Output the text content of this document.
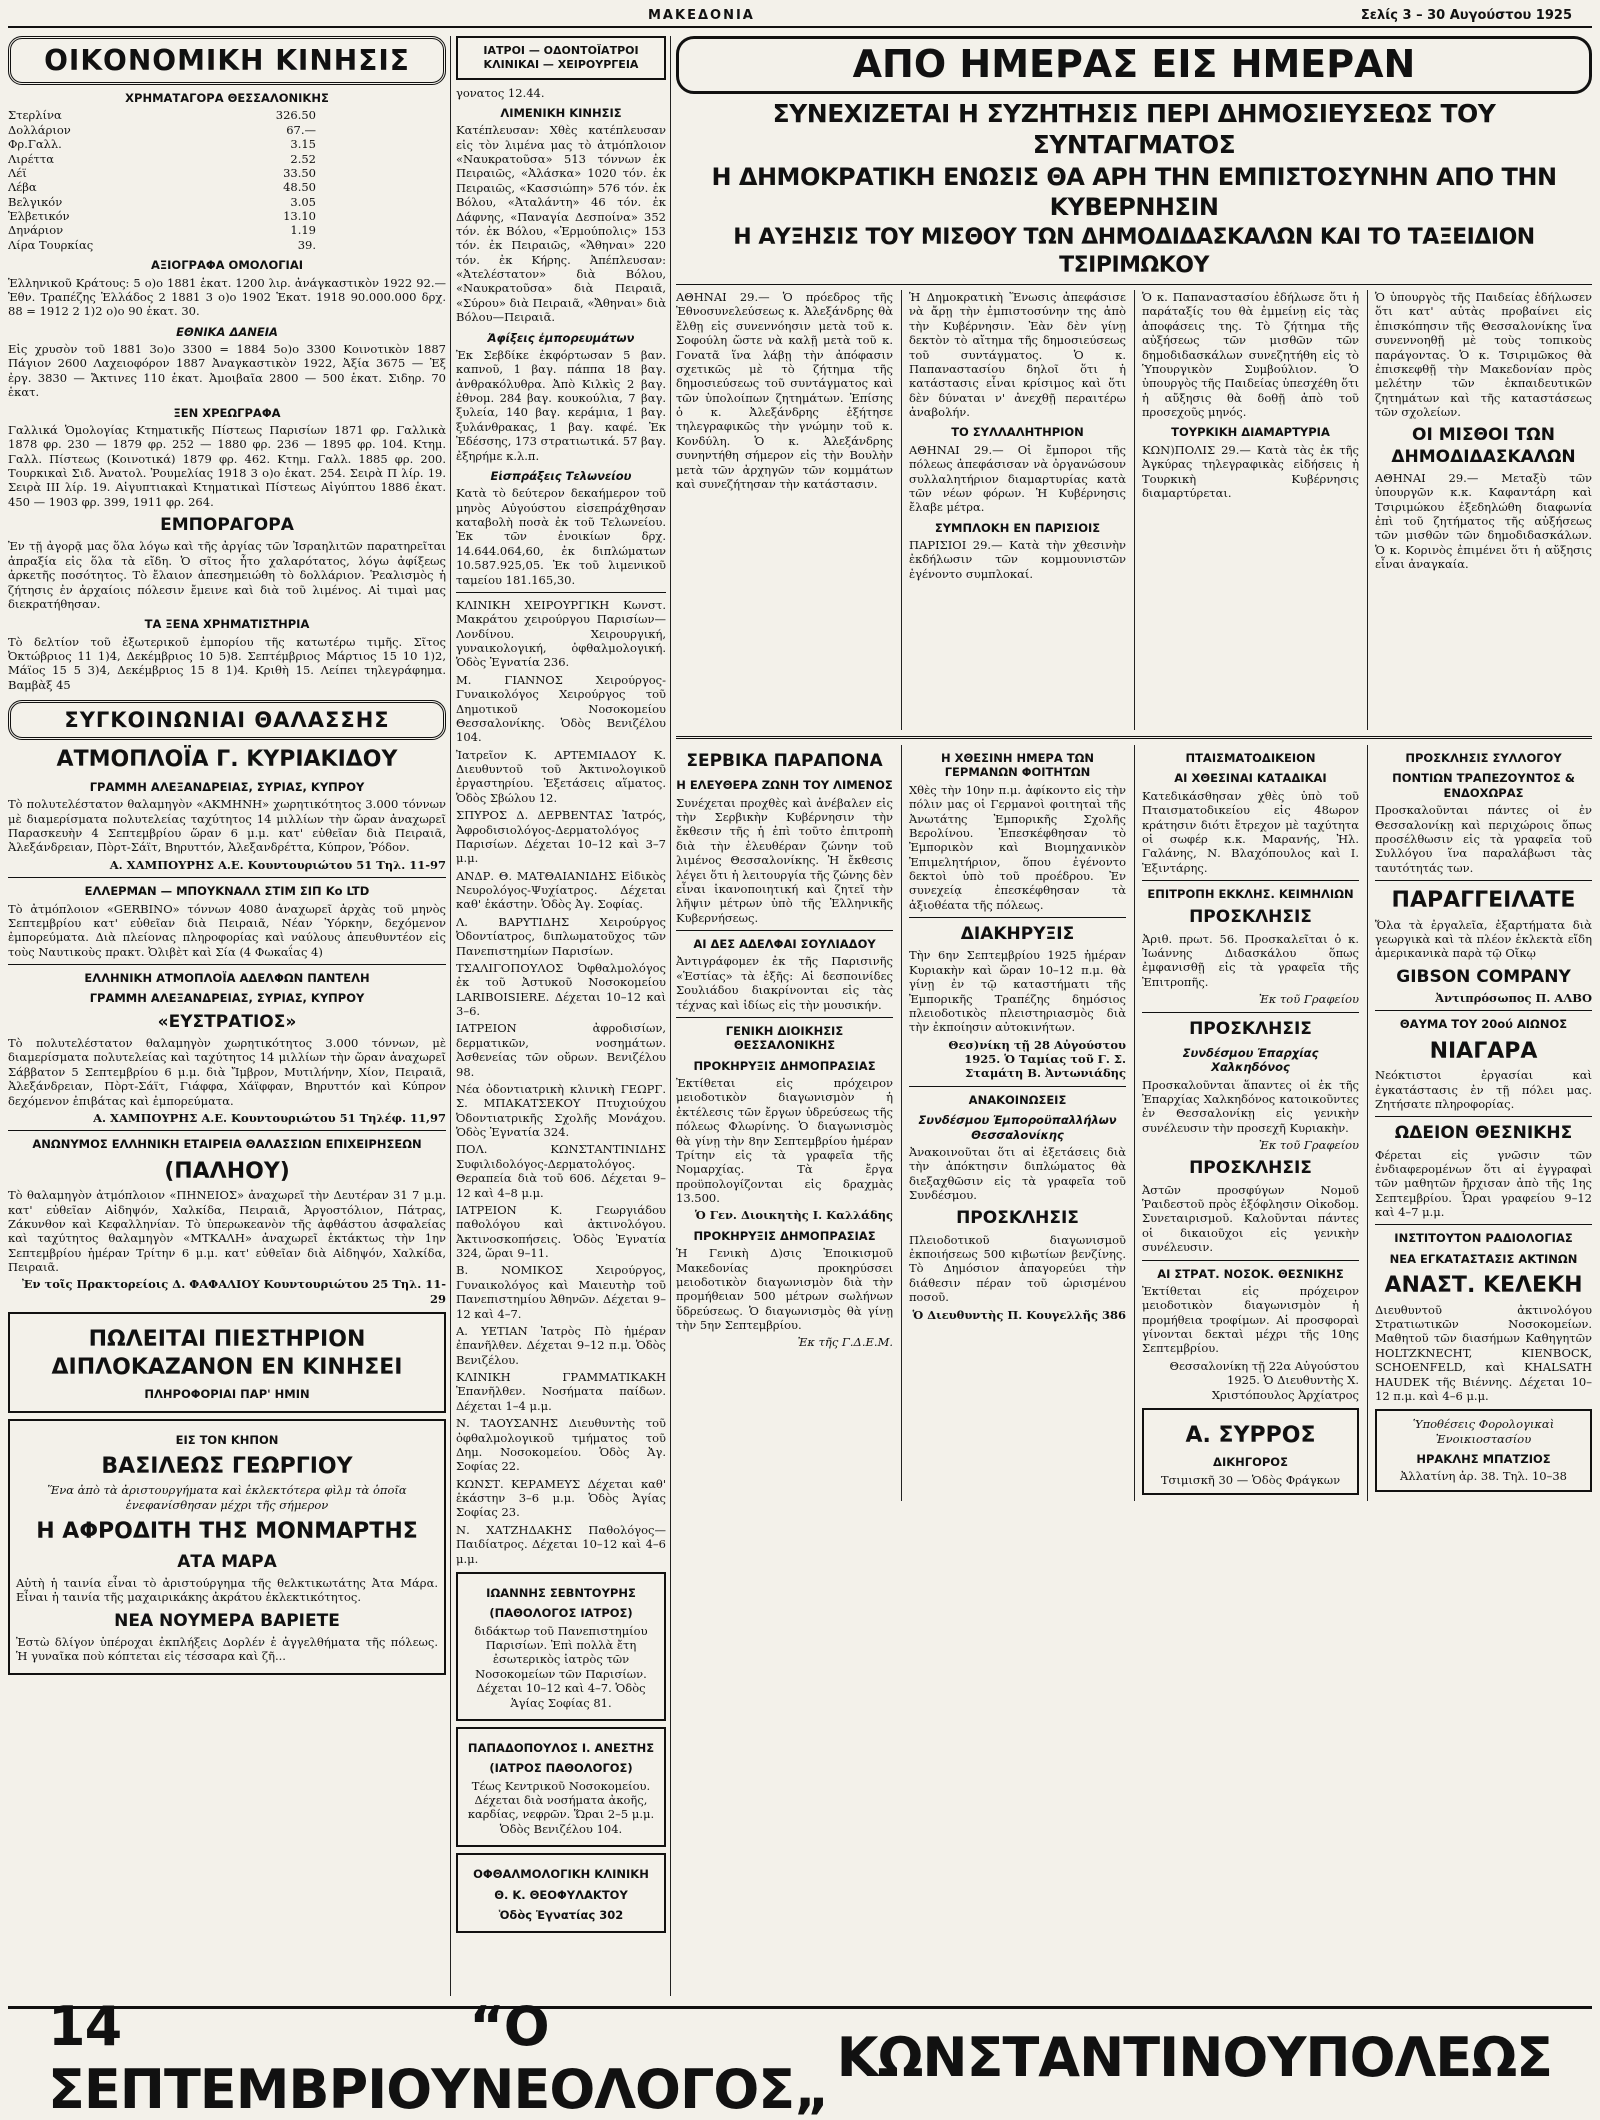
ΜΑΚΕΔΟΝΙΑ	Σελίς 3 – 30 Αυγούστου 1925
ΟΙΚΟΝΟΜΙΚΗ ΚΙΝΗΣΙΣ
ΧΡΗΜΑΤΑΓΟΡΑ ΘΕΣΣΑΛΟΝΙΚΗΣ
Στερλίνα	326.50
Δολλάριον	67.—
Φρ.Γαλλ.	3.15
Λιρέττα	2.52
Λέϊ	33.50
Λέβα	48.50
Βελγικόν	3.05
Ἑλβετικόν	13.10
Δηνάριον	1.19
Λίρα Τουρκίας	39.
ΑΞΙΟΓΡΑΦΑ ΟΜΟΛΟΓΙΑΙ

Ἑλληνικοῦ Κράτους: 5 ο)ο 1881 ἑκατ. 1200 λιρ. ἀνάγκαστικὸν 1922 92.— Ἑθν. Τραπέζης Ἑλλάδος 2 1881 3 ο)ο 1902 Ἑκατ. 1918 90.000.000 δρχ. 88 = 1912 2 1)2 ο)ο 90 ἑκατ. 30.

ΕΘΝΙΚΑ ΔΑΝΕΙΑ

Εἰς χρυσὸν τοῦ 1881 3ο)ο 3300 = 1884 5ο)ο 3300 Κοινοτικὸν 1887 Πάγιον 2600 Λαχειοφόρον 1887 Ἀναγκαστικὸν 1922, Ἀξία 3675 — Ἐξ ἐργ. 3830 — Ἄκτινες 110 ἑκατ. Ἀμοιβαῖα 2800 — 500 ἑκατ. Σιδηρ. 70 ἑκατ.

ΞΕΝ ΧΡΕΩΓΡΑΦΑ

Γαλλικά Ὁμολογίας Κτηματικῆς Πίστεως Παρισίων 1871 φρ. Γαλλικὰ 1878 φρ. 230 — 1879 φρ. 252 — 1880 φρ. 236 — 1895 φρ. 104. Κτημ. Γαλλ. Πίστεως (Κοινοτικά) 1879 φρ. 462. Κτημ. Γαλλ. 1885 φρ. 200. Τουρκικαὶ Σιδ. Ἀνατολ. Ῥουμελίας 1918 3 ο)ο ἑκατ. 254. Σειρὰ Π λίρ. 19. Σειρὰ ΙΙΙ λίρ. 19. Αἰγυπτιακαὶ Κτηματικαὶ Πίστεως Αἰγύπτου 1886 ἑκατ. 450 — 1903 φρ. 399, 1911 φρ. 264.

ΕΜΠΟΡΑΓΟΡΑ

Ἐν τῇ ἀγορᾷ μας ὅλα λόγω καὶ τῆς ἀργίας τῶν Ἰσραηλιτῶν παρατηρεῖται ἀπραξία εἰς ὅλα τὰ εἴδη. Ὁ σῖτος ἦτο χαλαρότατος, λόγω ἀφίξεως ἀρκετῆς ποσότητος. Τὸ ἔλαιον ἀπεσημειώθη τὸ δολλάριον. Ῥεαλισμὸς ἡ ζήτησις ἐν ἀρχαίοις πόλεσιν ἔμεινε καὶ διὰ τοῦ λιμένος. Αἰ τιμαὶ μας διεκρατήθησαν.

ΤΑ ΞΕΝΑ ΧΡΗΜΑΤΙΣΤΗΡΙΑ

Τὸ δελτίον τοῦ ἐξωτερικοῦ ἐμπορίου τῆς κατωτέρω τιμῆς. Σῖτος Ὀκτώβριος 11 1)4, Δεκέμβριος 10 5)8. Σεπτέμβριος Μάρτιος 15 10 1)2, Μάϊος 15 5 3)4, Δεκέμβριος 15 8 1)4. Κριθὴ 15. Λείπει τηλεγράφημα. Βαμβὰξ 45

ΣΥΓΚΟΙΝΩΝΙΑΙ ΘΑΛΑΣΣΗΣ
ΑΤΜΟΠΛΟΪΑ Γ. ΚΥΡΙΑΚΙΔΟΥ
ΓΡΑΜΜΗ ΑΛΕΞΑΝΔΡΕΙΑΣ, ΣΥΡΙΑΣ, ΚΥΠΡΟΥ

Τὸ πολυτελέστατον θαλαμηγὸν «ΑΚΜΗΝΗ» χωρητικότητος 3.000 τόννων μὲ διαμερίσματα πολυτελείας ταχύτητος 14 μιλλίων τὴν ὥραν ἀναχωρεῖ Παρασκευὴν 4 Σεπτεμβρίου ὥραν 6 μ.μ. κατ' εὐθεῖαν διὰ Πειραιᾶ, Ἀλεξάνδρειαν, Πὸρτ-Σάϊτ, Βηρυττόν, Ἀλεξανδρέττα, Κύπρον, Ῥόδον.

Α. ΧΑΜΠΟΥΡΗΣ Α.Ε. Κουντουριώτου 51 Τηλ. 11-97

ΕΛΛΕΡΜΑΝ — ΜΠΟΥΚΝΑΛΛ ΣΤΙΜ ΣΙΠ Κο LTD

Τὸ ἀτμόπλοιον «GERBINO» τόννων 4080 ἀναχωρεῖ ἀρχὰς τοῦ μηνὸς Σεπτεμβρίου κατ' εὐθεῖαν διὰ Πειραιᾶ, Νέαν Ὑόρκην, δεχόμενον ἐμπορεύματα. Διὰ πλείονας πληροφορίας καὶ ναύλους ἀπευθυντέον εἰς τοὺς Ναυτικοὺς πρακτ. Ὀλιβὲτ καὶ Σία (4 Φωκαΐας 4)

ΕΛΛΗΝΙΚΗ ΑΤΜΟΠΛΟΪΑ ΑΔΕΛΦΩΝ ΠΑΝΤΕΛΗ
ΓΡΑΜΜΗ ΑΛΕΞΑΝΔΡΕΙΑΣ, ΣΥΡΙΑΣ, ΚΥΠΡΟΥ
«ΕΥΣΤΡΑΤΙΟΣ»

Τὸ πολυτελέστατον θαλαμηγὸν χωρητικότητος 3.000 τόννων, μὲ διαμερίσματα πολυτελείας καὶ ταχύτητος 14 μιλλίων τὴν ὥραν ἀναχωρεῖ Σάββατον 5 Σεπτεμβρίου 6 μ.μ. διὰ Ἴμβρον, Μυτιλήνην, Χίον, Πειραιᾶ, Ἀλεξάνδρειαν, Πὸρτ-Σάϊτ, Γιάφφα, Χάϊφφαν, Βηρυττόν καὶ Κύπρον δεχόμενον ἐπιβάτας καὶ ἐμπορεύματα.

Α. ΧΑΜΠΟΥΡΗΣ Α.Ε. Κουντουριώτου 51 Τηλέφ. 11,97

ΑΝΩΝΥΜΟΣ ΕΛΛΗΝΙΚΗ ΕΤΑΙΡΕΙΑ ΘΑΛΑΣΣΙΩΝ ΕΠΙΧΕΙΡΗΣΕΩΝ
(ΠΑΛΗΟΥ)

Τὸ θαλαμηγὸν ἀτμόπλοιον «ΠΗΝΕΙΟΣ» ἀναχωρεῖ τὴν Δευτέραν 31 7 μ.μ. κατ' εὐθεῖαν Αἰδηψόν, Χαλκίδα, Πειραιᾶ, Ἀργοστόλιον, Πάτρας, Ζάκυνθον καὶ Κεφαλληνίαν. Τὸ ὑπερωκεανὸν τῆς ἀφθάστου ἀσφαλείας καὶ ταχύτητος θαλαμηγὸν «ΜΤΚΑΛΗ» ἀναχωρεῖ ἑκτάκτως τὴν 1ην Σεπτεμβρίου ἡμέραν Τρίτην 6 μ.μ. κατ' εὐθεῖαν διὰ Αἰδηψόν, Χαλκίδα, Πειραιᾶ.

Ἐν τοῖς Πρακτορείοις Δ. ΦΑΦΑΛΙΟΥ Κουντουριώτου 25 Τηλ. 11-29

ΠΩΛΕΙΤΑΙ ΠΙΕΣΤΗΡΙΟΝ ΔΙΠΛΟΚΑΖΑΝΟΝ ΕΝ ΚΙΝΗΣΕΙ
ΠΛΗΡΟΦΟΡΙΑΙ ΠΑΡ' ΗΜΙΝ
ΕΙΣ ΤΟΝ ΚΗΠΟΝ
ΒΑΣΙΛΕΩΣ ΓΕΩΡΓΙΟΥ

Ἕνα ἀπὸ τὰ ἀριστουργήματα καὶ ἑκλεκτότερα φὶλμ τὰ ὁποῖα ἐνεφανίσθησαν μέχρι τῆς σήμερον

Η ΑΦΡΟΔΙΤΗ ΤΗΣ ΜΟΝΜΑΡΤΗΣ
ΑΤΑ ΜΑΡΑ

Αὐτὴ ἡ ταινία εἶναι τὸ ἀριστούργημα τῆς θελκτικωτάτης Ἀτα Μάρα. Εἶναι ἡ ταινία τῆς μαχαιρικάκης ἀκράτου ἑκλεκτικότητος.

ΝΕΑ ΝΟΥΜΕΡΑ ΒΑΡΙΕΤΕ

Ἐστὼ δλίγον ὑπέροχαι ἐκπλήξεις Δορλέν ἐ ἀγγελθήματα τῆς πόλεως. Ἡ γυναῖκα ποὺ κόπτεται εἰς τέσσαρα καὶ ζῆ...

ΙΑΤΡΟΙ — ΟΔΟΝΤΟΪΑΤΡΟΙ ΚΛΙΝΙΚΑΙ — ΧΕΙΡΟΥΡΓΕΙΑ

γονατος 12.44.

ΛΙΜΕΝΙΚΗ ΚΙΝΗΣΙΣ

Κατέπλευσαν: Χθὲς κατέπλευσαν εἰς τὸν λιμένα μας τὸ ἀτμόπλοιον «Ναυκρατοῦσα» 513 τόννων ἐκ Πειραιῶς, «Ἀλάσκα» 1020 τόν. ἐκ Πειραιῶς, «Κασσιώπη» 576 τόν. ἐκ Βόλου, «Ἀταλάντη» 46 τόν. ἐκ Δάφνης, «Παναγία Δεσποίνα» 352 τόν. ἐκ Βόλου, «Ἐρμούπολις» 153 τόν. ἐκ Πειραιῶς, «Ἄθηναι» 220 τόν. ἐκ Κήρης. Ἀπέπλευσαν: «Ἀτελέστατον» διὰ Βόλου, «Ναυκρατοῦσα» διὰ Πειραιᾶ, «Σύρου» διὰ Πειραιᾶ, «Ἄθηναι» διὰ Βόλου—Πειραιᾶ.

Ἀφίξεις ἐμπορευμάτων

Ἐκ Σεβδίκε ἐκφόρτωσαν 5 βαν. καπνοῦ, 1 βαγ. πάππα 18 βαγ. ἀνθρακόλυθρα. Ἀπὸ Κιλκὶς 2 βαγ. ἐθνομ. 284 βαγ. κουκούλια, 7 βαγ. ξυλεία, 140 βαγ. κεράμια, 1 βαγ. ξυλάνθρακας, 1 βαγ. καφέ. Ἐκ Ἐδέσσης, 173 στρατιωτικά. 57 βαγ. ἐξηρήμε κ.λ.π.

Εἰσπράξεις Τελωνείου

Κατὰ τὸ δεύτερον δεκαήμερον τοῦ μηνὸς Αὐγούστου εἰσεπράχθησαν καταβολὴ ποσὰ ἐκ τοῦ Τελωνείου. Ἐκ τῶν ἐνοικίων δρχ. 14.644.064,60, ἐκ διπλώματων 10.587.925,05. Ἐκ τοῦ λιμενικοῦ ταμείου 181.165,30.

ΚΛΙΝΙΚΗ ΧΕΙΡΟΥΡΓΙΚΗ Κωνστ. Μακράτου χειρούργου Παρισίων—Λονδίνου. Χειρουργική, γυναικολογική, ὀφθαλμολογική. Ὁδὸς Ἐγνατία 236.

Μ. ΓΙΑΝΝΟΣ Χειρούργος-Γυναικολόγος Χειρούργος τοῦ Δημοτικοῦ Νοσοκομείου Θεσσαλονίκης. Ὁδὸς Βενιζέλου 104.

Ἰατρεῖον Κ. ΑΡΤΕΜΙΑΔΟΥ Κ. Διευθυντοῦ τοῦ Ἀκτινολογικοῦ ἐργαστηρίου. Ἐξετάσεις αἵματος. Ὁδὸς Σβώλου 12.

ΣΠΥΡΟΣ Δ. ΔΕΡΒΕΝΤΑΣ Ἰατρός, Ἀφροδισιολόγος-Δερματολόγος Παρισίων. Δέχεται 10–12 καὶ 3–7 μ.μ.

ΑΝΔΡ. Θ. ΜΑΤΘΑΙΑΝΙΔΗΣ Εἰδικὸς Νευρολόγος-Ψυχίατρος. Δέχεται καθ' ἑκάστην. Ὁδὸς Ἀγ. Σοφίας.

Λ. ΒΑΡΥΤΙΔΗΣ Χειρούργος Ὀδοντίατρος, διπλωματοῦχος τῶν Πανεπιστημίων Παρισίων.

ΤΣΑΛΙΓΟΠΟΥΛΟΣ Ὀφθαλμολόγος ἐκ τοῦ Ἀστυκοῦ Νοσοκομείου LARIBOISIERE. Δέχεται 10–12 καὶ 3–6.

ΙΑΤΡΕΙΟΝ ἀφροδισίων, δερματικῶν, νοσημάτων. Ἀσθενείας τῶν οὔρων. Βενιζέλου 98.

Νέα ὀδοντιατρικὴ κλινικὴ ΓΕΩΡΓ. Σ. ΜΠΑΚΑΤΣΕΚΟΥ Πτυχιούχου Ὀδοντιατρικῆς Σχολῆς Μονάχου. Ὁδὸς Ἐγνατία 324.

ΠΟΛ. ΚΩΝΣΤΑΝΤΙΝΙΔΗΣ Συφιλιδολόγος-Δερματολόγος. Θεραπεία διὰ τοῦ 606. Δέχεται 9–12 καὶ 4–8 μ.μ.

ΙΑΤΡΕΙΟΝ Κ. Γεωργιάδου παθολόγου καὶ ἀκτινολόγου. Ἀκτινοσκοπήσεις. Ὁδὸς Ἐγνατία 324, ὥραι 9–11.

Β. ΝΟΜΙΚΟΣ Χειρούργος, Γυναικολόγος καὶ Μαιευτὴρ τοῦ Πανεπιστημίου Ἀθηνῶν. Δέχεται 9–12 καὶ 4–7.

Α. ΥΕΤΙΑΝ Ἰατρὸς Πὸ ἡμέραν ἐπανῆλθεν. Δέχεται 9–12 π.μ. Ὁδὸς Βενιζέλου.

ΚΛΙΝΙΚΗ ΓΡΑΜΜΑΤΙΚΑΚΗ Ἐπανῆλθεν. Νοσήματα παίδων. Δέχεται 1–4 μ.μ.

Ν. ΤΑΟΥΣΑΝΗΣ Διευθυντὴς τοῦ ὀφθαλμολογικοῦ τμήματος τοῦ Δημ. Νοσοκομείου. Ὁδὸς Ἀγ. Σοφίας 22.

ΚΩΝΣΤ. ΚΕΡΑΜΕΥΣ Δέχεται καθ' ἑκάστην 3–6 μ.μ. Ὁδὸς Ἀγίας Σοφίας 23.

Ν. ΧΑΤΖΗΔΑΚΗΣ Παθολόγος—Παιδίατρος. Δέχεται 10–12 καὶ 4–6 μ.μ.

ΙΩΑΝΝΗΣ ΣΕΒΝΤΟΥΡΗΣ
(ΠΑΘΟΛΟΓΟΣ ΙΑΤΡΟΣ)

διδάκτωρ τοῦ Πανεπιστημίου Παρισίων. Ἐπὶ πολλὰ ἔτη ἐσωτερικὸς ἰατρὸς τῶν Νοσοκομείων τῶν Παρισίων. Δέχεται 10–12 καὶ 4–7. Ὁδὸς Ἁγίας Σοφίας 81.

ΠΑΠΑΔΟΠΟΥΛΟΣ Ι. ΑΝΕΣΤΗΣ
(ΙΑΤΡΟΣ ΠΑΘΟΛΟΓΟΣ)

Τέως Κεντρικοῦ Νοσοκομείου. Δέχεται διὰ νοσήματα ἀκοῆς, καρδίας, νεφρῶν. Ὥραι 2–5 μ.μ. Ὁδὸς Βενιζέλου 104.

ΟΦΘΑΛΜΟΛΟΓΙΚΗ ΚΛΙΝΙΚΗ
Θ. Κ. ΘΕΟΦΥΛΑΚΤΟΥ
Ὁδὸς Ἐγνατίας 302
ΑΠΟ ΗΜΕΡΑΣ ΕΙΣ ΗΜΕΡΑΝ
ΣΥΝΕΧΙΖΕΤΑΙ Η ΣΥΖΗΤΗΣΙΣ ΠΕΡΙ ΔΗΜΟΣΙΕΥΣΕΩΣ ΤΟΥ ΣΥΝΤΑΓΜΑΤΟΣ
Η ΔΗΜΟΚΡΑΤΙΚΗ ΕΝΩΣΙΣ ΘΑ ΑΡΗ ΤΗΝ ΕΜΠΙΣΤΟΣΥΝΗΝ ΑΠΟ ΤΗΝ ΚΥΒΕΡΝΗΣΙΝ
Η ΑΥΞΗΣΙΣ ΤΟΥ ΜΙΣΘΟΥ ΤΩΝ ΔΗΜΟΔΙΔΑΣΚΑΛΩΝ ΚΑΙ ΤΟ ΤΑΞΕΙΔΙΟΝ ΤΣΙΡΙΜΩΚΟΥ

ΑΘΗΝΑΙ 29.— Ὁ πρόεδρος τῆς Ἐθνοσυνελεύσεως κ. Ἀλεξάνδρης θὰ ἔλθῃ εἰς συνεννόησιν μετὰ τοῦ κ. Σοφούλη ὥστε νὰ καλῇ μετὰ τοῦ κ. Γονατᾶ ἵνα λάβῃ τὴν ἀπόφασιν σχετικῶς μὲ τὸ ζήτημα τῆς δημοσιεύσεως τοῦ συντάγματος καὶ τῶν ὑπολοίπων ζητημάτων. Ἐπίσης ὁ κ. Ἀλεξάνδρης ἐξήτησε τηλεγραφικῶς τὴν γνώμην τοῦ κ. Κονδύλη. Ὁ κ. Ἀλεξάνδρης συνηντήθη σήμερον εἰς τὴν Βουλὴν μετὰ τῶν ἀρχηγῶν τῶν κομμάτων καὶ συνεζήτησαν τὴν κατάστασιν.

Ἡ Δημοκρατικὴ Ἕνωσις ἀπεφάσισε νὰ ἄρῃ τὴν ἐμπιστοσύνην της ἀπὸ τὴν Κυβέρνησιν. Ἐὰν δὲν γίνῃ δεκτὸν τὸ αἴτημα τῆς δημοσιεύσεως τοῦ συντάγματος. Ὁ κ. Παπαναστασίου δηλοῖ ὅτι ἡ κατάστασις εἶναι κρίσιμος καὶ ὅτι δὲν δύναται ν' ἀνεχθῇ περαιτέρω ἀναβολήν.

ΤΟ ΣΥΛΛΑΛΗΤΗΡΙΟΝ

ΑΘΗΝΑΙ 29.— Οἱ ἔμποροι τῆς πόλεως ἀπεφάσισαν νὰ ὀργανώσουν συλλαλητήριον διαμαρτυρίας κατὰ τῶν νέων φόρων. Ἡ Κυβέρνησις ἔλαβε μέτρα.

ΣΥΜΠΛΟΚΗ ΕΝ ΠΑΡΙΣΙΟΙΣ

ΠΑΡΙΣΙΟΙ 29.— Κατὰ τὴν χθεσινὴν ἐκδήλωσιν τῶν κομμουνιστῶν ἐγένοντο συμπλοκαί.

Ὁ κ. Παπαναστασίου ἐδήλωσε ὅτι ἡ παράταξίς του θὰ ἐμμείνῃ εἰς τὰς ἀποφάσεις της. Τὸ ζήτημα τῆς αὐξήσεως τῶν μισθῶν τῶν δημοδιδασκάλων συνεζητήθη εἰς τὸ Ὑπουργικὸν Συμβούλιον. Ὁ ὑπουργὸς τῆς Παιδείας ὑπεσχέθη ὅτι ἡ αὔξησις θὰ δοθῇ ἀπὸ τοῦ προσεχοῦς μηνός.

ΤΟΥΡΚΙΚΗ ΔΙΑΜΑΡΤΥΡΙΑ

ΚΩΝ)ΠΟΛΙΣ 29.— Κατὰ τὰς ἐκ τῆς Ἀγκύρας τηλεγραφικὰς εἰδήσεις ἡ Τουρκικὴ Κυβέρνησις διαμαρτύρεται.

Ὁ ὑπουργὸς τῆς Παιδείας ἐδήλωσεν ὅτι κατ' αὐτὰς προβαίνει εἰς ἐπισκόπησιν τῆς Θεσσαλονίκης ἵνα συνεννοηθῇ μὲ τοὺς τοπικοὺς παράγοντας. Ὁ κ. Τσιριμῶκος θὰ ἐπισκεφθῇ τὴν Μακεδονίαν πρὸς μελέτην τῶν ἐκπαιδευτικῶν ζητημάτων καὶ τῆς καταστάσεως τῶν σχολείων.

ΟΙ ΜΙΣΘΟΙ ΤΩΝ ΔΗΜΟΔΙΔΑΣΚΑΛΩΝ

ΑΘΗΝΑΙ 29.— Μεταξὺ τῶν ὑπουργῶν κ.κ. Καφαντάρη καὶ Τσιριμώκου ἐξεδηλώθη διαφωνία ἐπὶ τοῦ ζητήματος τῆς αὐξήσεως τῶν μισθῶν τῶν δημοδιδασκάλων. Ὁ κ. Κορινὸς ἐπιμένει ὅτι ἡ αὔξησις εἶναι ἀναγκαία.

ΣΕΡΒΙΚΑ ΠΑΡΑΠΟΝΑ
Η ΕΛΕΥΘΕΡΑ ΖΩΝΗ ΤΟΥ ΛΙΜΕΝΟΣ

Συνέχεται προχθὲς καὶ ἀνέβαλεν εἰς τὴν Σερβικὴν Κυβέρνησιν τὴν ἔκθεσιν τῆς ἡ ἐπὶ τοῦτο ἐπιτροπὴ διὰ τὴν ἐλευθέραν ζώνην τοῦ λιμένος Θεσσαλονίκης. Ἡ ἔκθεσις λέγει ὅτι ἡ λειτουργία τῆς ζώνης δὲν εἶναι ἱκανοποιητική καὶ ζητεῖ τὴν λῆψιν μέτρων ὑπὸ τῆς Ἑλληνικῆς Κυβερνήσεως.

ΑΙ ΔΕΣ ΑΔΕΛΦΑΙ ΣΟΥΛΙΑΔΟΥ

Ἀντιγράφομεν ἐκ τῆς Παρισινῆς «Ἑστίας» τὰ ἑξῆς: Αἱ δεσποινίδες Σουλιάδου διακρίνονται εἰς τὰς τέχνας καὶ ἰδίως εἰς τὴν μουσικήν.

ΓΕΝΙΚΗ ΔΙΟΙΚΗΣΙΣ ΘΕΣΣΑΛΟΝΙΚΗΣ
ΠΡΟΚΗΡΥΞΙΣ ΔΗΜΟΠΡΑΣΙΑΣ

Ἐκτίθεται εἰς πρόχειρον μειοδοτικὸν διαγωνισμὸν ἡ ἐκτέλεσις τῶν ἔργων ὑδρεύσεως τῆς πόλεως Φλωρίνης. Ὁ διαγωνισμὸς θὰ γίνῃ τὴν 8ην Σεπτεμβρίου ἡμέραν Τρίτην εἰς τὰ γραφεῖα τῆς Νομαρχίας. Τὰ ἔργα προϋπολογίζονται εἰς δραχμὰς 13.500.

Ὁ Γεν. Διοικητὴς Ι. Καλλάδης

ΠΡΟΚΗΡΥΞΙΣ ΔΗΜΟΠΡΑΣΙΑΣ

Ἡ Γενικὴ Δ)σις Ἐποικισμοῦ Μακεδονίας προκηρύσσει μειοδοτικὸν διαγωνισμὸν διὰ τὴν προμήθειαν 500 μέτρων σωλήνων ὕδρεύσεως. Ὁ διαγωνισμὸς θὰ γίνῃ τὴν 5ην Σεπτεμβρίου.

Ἐκ τῆς Γ.Δ.Ε.Μ.

Η ΧΘΕΣΙΝΗ ΗΜΕΡΑ ΤΩΝ ΓΕΡΜΑΝΩΝ ΦΟΙΤΗΤΩΝ

Χθὲς τὴν 10ην π.μ. ἀφίκοντο εἰς τὴν πόλιν μας οἱ Γερμανοὶ φοιτηταὶ τῆς Ἀνωτάτης Ἐμπορικῆς Σχολῆς Βερολίνου. Ἐπεσκέφθησαν τὸ Ἐμπορικὸν καὶ Βιομηχανικὸν Ἐπιμελητήριον, ὅπου ἐγένοντο δεκτοὶ ὑπὸ τοῦ προέδρου. Ἐν συνεχείᾳ ἐπεσκέφθησαν τὰ ἀξιοθέατα τῆς πόλεως.

ΔΙΑΚΗΡΥΞΙΣ

Τὴν 6ην Σεπτεμβρίου 1925 ἡμέραν Κυριακὴν καὶ ὥραν 10–12 π.μ. θὰ γίνῃ ἐν τῷ καταστήματι τῆς Ἐμπορικῆς Τραπέζης δημόσιος πλειοδοτικὸς πλειστηριασμὸς διὰ τὴν ἐκποίησιν αὐτοκινήτων.

Θεσ)νίκη τῇ 28 Αὐγούστου 1925. Ὁ Ταμίας τοῦ Γ. Σ. Σταμάτη Β. Ἀντωνιάδης

ΑΝΑΚΟΙΝΩΣΕΙΣ
Συνδέσμου Ἐμποροϋπαλλήλων Θεσσαλονίκης

Ἀνακοινοῦται ὅτι αἱ ἐξετάσεις διὰ τὴν ἀπόκτησιν διπλώματος θὰ διεξαχθῶσιν εἰς τὰ γραφεῖα τοῦ Συνδέσμου.

ΠΡΟΣΚΛΗΣΙΣ

Πλειοδοτικοῦ διαγωνισμοῦ ἐκποιήσεως 500 κιβωτίων βενζίνης. Τὸ Δημόσιον ἀπαγορεύει τὴν διάθεσιν πέραν τοῦ ὡρισμένου ποσοῦ.

Ὁ Διευθυντὴς Π. Κουγελλῆς 386

ΠΤΑΙΣΜΑΤΟΔΙΚΕΙΟΝ
ΑΙ ΧΘΕΣΙΝΑΙ ΚΑΤΑΔΙΚΑΙ

Κατεδικάσθησαν χθὲς ὑπὸ τοῦ Πταισματοδικείου εἰς 48ωρον κράτησιν διότι ἔτρεχον μὲ ταχύτητα οἱ σωφέρ κ.κ. Μαρανής, Ἠλ. Γαλάνης, Ν. Βλαχόπουλος καὶ Ι. Ἐξιντάρης.

ΕΠΙΤΡΟΠΗ ΕΚΚΛΗΣ. ΚΕΙΜΗΛΙΩΝ
ΠΡΟΣΚΛΗΣΙΣ

Ἀριθ. πρωτ. 56. Προσκαλεῖται ὁ κ. Ἰωάννης Διδασκάλου ὅπως ἐμφανισθῇ εἰς τὰ γραφεῖα τῆς Ἐπιτροπῆς.

Ἐκ τοῦ Γραφείου

ΠΡΟΣΚΛΗΣΙΣ
Συνδέσμου Ἐπαρχίας Χαλκηδόνος

Προσκαλοῦνται ἅπαντες οἱ ἐκ τῆς Ἐπαρχίας Χαλκηδόνος κατοικοῦντες ἐν Θεσσαλονίκῃ εἰς γενικὴν συνέλευσιν τὴν προσεχῆ Κυριακὴν.

Ἐκ τοῦ Γραφείου

ΠΡΟΣΚΛΗΣΙΣ

Ἀστῶν προσφύγων Νομοῦ Ῥαιδεστοῦ πρὸς ἐξόφλησιν Οἰκοδομ. Συνεταιρισμοῦ. Καλοῦνται πάντες οἱ δικαιοῦχοι εἰς γενικὴν συνέλευσιν.

ΑΙ ΣΤΡΑΤ. ΝΟΣΟΚ. ΘΕΣΝΙΚΗΣ

Ἐκτίθεται εἰς πρόχειρον μειοδοτικὸν διαγωνισμὸν ἡ προμήθεια τροφίμων. Αἱ προσφοραὶ γίνονται δεκταὶ μέχρι τῆς 10ης Σεπτεμβρίου.

Θεσσαλονίκη τῇ 22α Αὐγούστου 1925. Ὁ Διευθυντὴς Χ. Χριστόπουλος Ἀρχίατρος

Α. ΣΥΡΡΟΣ
ΔΙΚΗΓΟΡΟΣ
Τσιμισκῆ 30 — Ὁδὸς Φράγκων
ΠΡΟΣΚΛΗΣΙΣ ΣΥΛΛΟΓΟΥ
ΠΟΝΤΙΩΝ ΤΡΑΠΕΖΟΥΝΤΟΣ & ΕΝΔΟΧΩΡΑΣ

Προσκαλοῦνται πάντες οἱ ἐν Θεσσαλονίκῃ καὶ περιχώροις ὅπως προσέλθωσιν εἰς τὰ γραφεῖα τοῦ Συλλόγου ἵνα παραλάβωσι τὰς ταυτότητάς των.

ΠΑΡΑΓΓΕΙΛΑΤΕ

Ὅλα τὰ ἐργαλεῖα, ἐξαρτήματα διὰ γεωργικὰ καὶ τὰ πλέον ἐκλεκτὰ εἴδη ἀμερικανικὰ παρὰ τῷ Οἴκῳ

GIBSON COMPANY

Ἀντιπρόσωπος Π. ΑΛΒΟ

ΘΑΥΜΑ ΤΟΥ 20ού ΑΙΩΝΟΣ
ΝΙΑΓΑΡΑ

Νεόκτιστοι ἐργασίαι καὶ ἐγκατάστασις ἐν τῇ πόλει μας. Ζητήσατε πληροφορίας.

ΩΔΕΙΟΝ ΘΕΣΝΙΚΗΣ

Φέρεται εἰς γνῶσιν τῶν ἐνδιαφερομένων ὅτι αἱ ἐγγραφαὶ τῶν μαθητῶν ἤρχισαν ἀπὸ τῆς 1ης Σεπτεμβρίου. Ὧραι γραφείου 9–12 καὶ 4–7 μ.μ.

ΙΝΣΤΙΤΟΥΤΟΝ ΡΑΔΙΟΛΟΓΙΑΣ
ΝΕΑ ΕΓΚΑΤΑΣΤΑΣΙΣ ΑΚΤΙΝΩΝ
ΑΝΑΣΤ. ΚΕΛΕΚΗ

Διευθυντοῦ ἀκτινολόγου Στρατιωτικῶν Νοσοκομείων. Μαθητοῦ τῶν διασήμων Καθηγητῶν HOLTZKNECHT, KIENBOCK, SCHOENFELD, καὶ KHALSATH HAUDEK τῆς Βιέννης. Δέχεται 10–12 π.μ. καὶ 4–6 μ.μ.

Ὑποθέσεις Φορολογικαὶ Ἐνοικιοστασίου
ΗΡΑΚΛΗΣ ΜΠΑΤΖΙΟΣ
Ἀλλατίνη ἀρ. 38. Τηλ. 10–38
14 ΣΕΠΤΕΜΒΡΙΟΥ
“Ο ΝΕΟΛΟΓΟΣ„ ΚΩΝΣΤΑΝΤΙΝΟΥΠΟΛΕΩΣ
